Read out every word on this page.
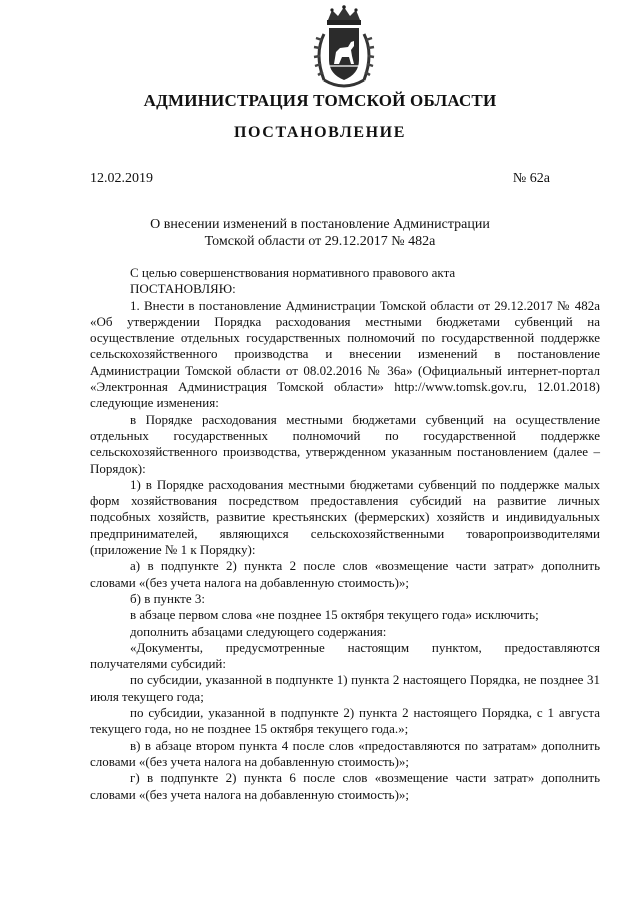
АДМИНИСТРАЦИЯ ТОМСКОЙ ОБЛАСТИ
ПОСТАНОВЛЕНИЕ
12.02.2019	№ 62а
О внесении изменений в постановление Администрации
Томской области от 29.12.2017 № 482а

С целью совершенствования нормативного правового акта

ПОСТАНОВЛЯЮ:

1. Внести в постановление Администрации Томской области от 29.12.2017 № 482а «Об утверждении Порядка расходования местными бюджетами субвенций на осуществление отдельных государственных полномочий по государственной поддержке сельскохозяйственного производства и внесении изменений в постановление Администрации Томской области от 08.02.2016 № 36а» (Официальный интернет-портал «Электронная Администрация Томской области» http://www.tomsk.gov.ru, 12.01.2018) следующие изменения:

в Порядке расходования местными бюджетами субвенций на осуществление отдельных государственных полномочий по государственной поддержке сельскохозяйственного производства, утвержденном указанным постановлением (далее – Порядок):

1) в Порядке расходования местными бюджетами субвенций по поддержке малых форм хозяйствования посредством предоставления субсидий на развитие личных подсобных хозяйств, развитие крестьянских (фермерских) хозяйств и индивидуальных предпринимателей, являющихся сельскохозяйственными товаропроизводителями (приложение № 1 к Порядку):

а) в подпункте 2) пункта 2 после слов «возмещение части затрат» дополнить словами «(без учета налога на добавленную стоимость)»;

б) в пункте 3:

в абзаце первом слова «не позднее 15 октября текущего года» исключить;

дополнить абзацами следующего содержания:

«Документы, предусмотренные настоящим пунктом, предоставляются получателями субсидий:

по субсидии, указанной в подпункте 1) пункта 2 настоящего Порядка, не позднее 31 июля текущего года;

по субсидии, указанной в подпункте 2) пункта 2 настоящего Порядка, с 1 августа текущего года, но не позднее 15 октября текущего года.»;

в) в абзаце втором пункта 4 после слов «предоставляются по затратам» дополнить словами «(без учета налога на добавленную стоимость)»;

г) в подпункте 2) пункта 6 после слов «возмещение части затрат» дополнить словами «(без учета налога на добавленную стоимость)»;
